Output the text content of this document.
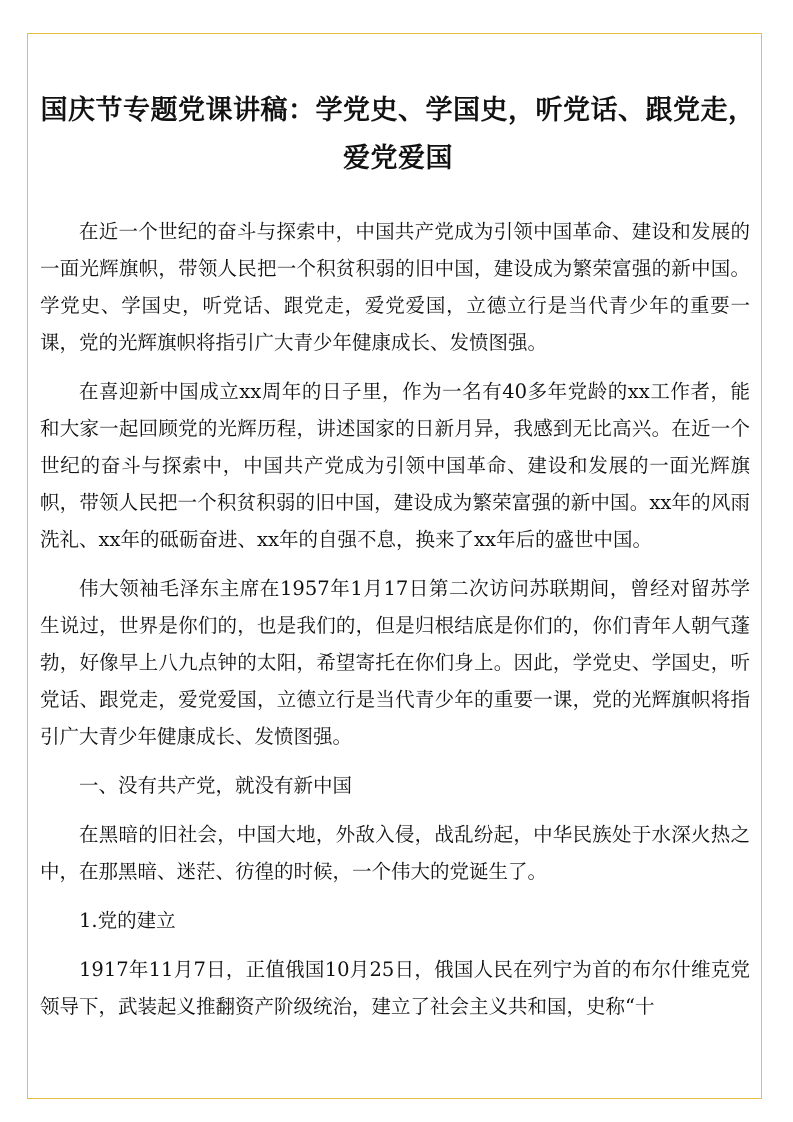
国庆节专题党课讲稿：学党史、学国史，听党话、跟党走，
爱党爱国

在近一个世纪的奋斗与探索中，中国共产党成为引领中国革命、建设和发展的一面光辉旗帜，带领人民把一个积贫积弱的旧中国，建设成为繁荣富强的新中国。学党史、学国史，听党话、跟党走，爱党爱国，立德立行是当代青少年的重要一课，党的光辉旗帜将指引广大青少年健康成长、发愤图强。

在喜迎新中国成立xx周年的日子里，作为一名有40多年党龄的xx工作者，能和大家一起回顾党的光辉历程，讲述国家的日新月异，我感到无比高兴。在近一个世纪的奋斗与探索中，中国共产党成为引领中国革命、建设和发展的一面光辉旗帜，带领人民把一个积贫积弱的旧中国，建设成为繁荣富强的新中国。xx年的风雨洗礼、xx年的砥砺奋进、xx年的自强不息，换来了xx年后的盛世中国。

伟大领袖毛泽东主席在1957年1月17日第二次访问苏联期间，曾经对留苏学生说过，世界是你们的，也是我们的，但是归根结底是你们的，你们青年人朝气蓬勃，好像早上八九点钟的太阳，希望寄托在你们身上。因此，学党史、学国史，听党话、跟党走，爱党爱国，立德立行是当代青少年的重要一课，党的光辉旗帜将指引广大青少年健康成长、发愤图强。

一、没有共产党，就没有新中国

在黑暗的旧社会，中国大地，外敌入侵，战乱纷起，中华民族处于水深火热之中，在那黑暗、迷茫、彷徨的时候，一个伟大的党诞生了。

1.党的建立

1917年11月7日，正值俄国10月25日，俄国人民在列宁为首的布尔什维克党领导下，武装起义推翻资产阶级统治，建立了社会主义共和国，史称“十
